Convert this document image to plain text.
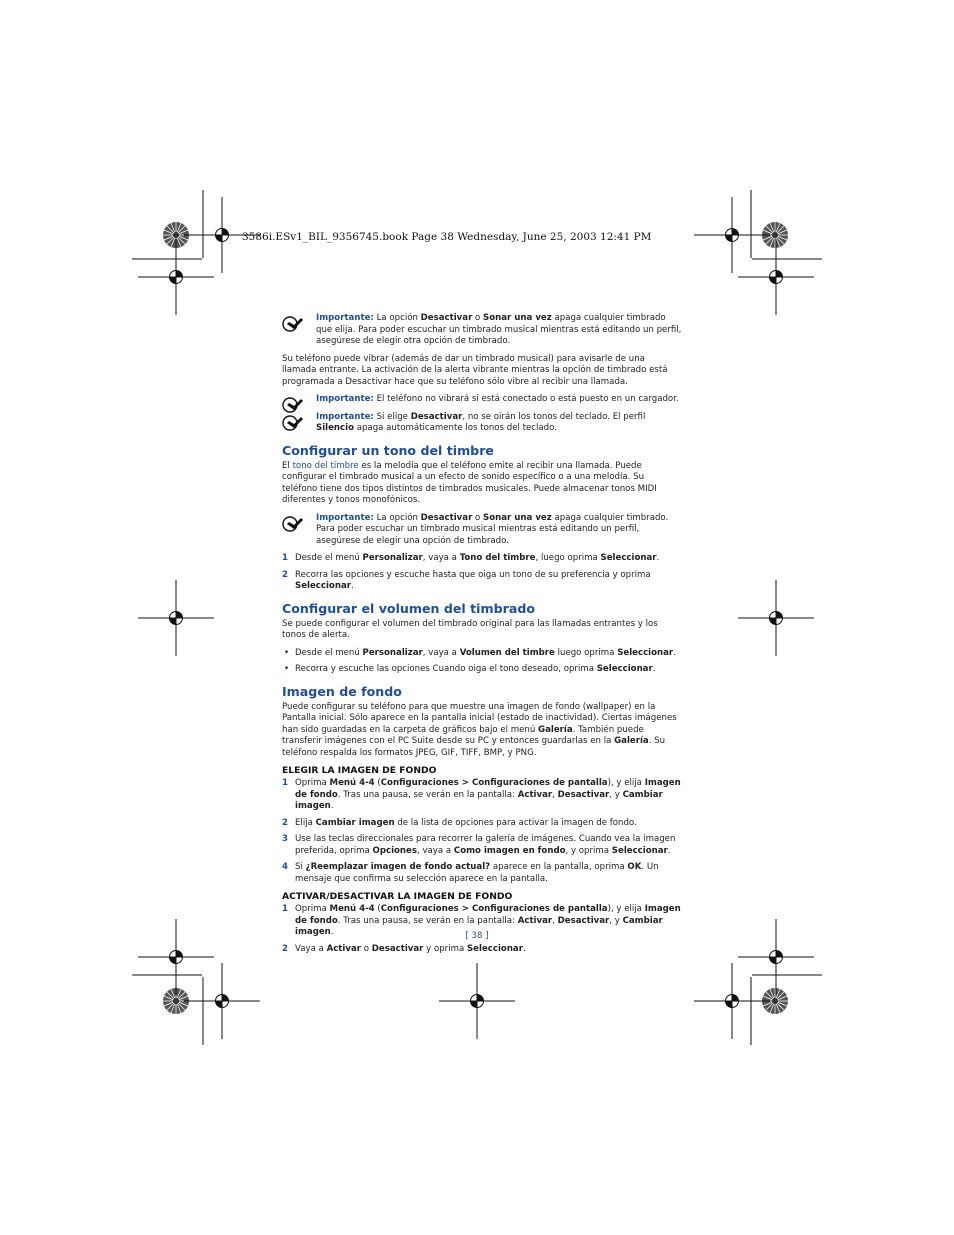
3586i.ESv1_BIL_9356745.book Page 38 Wednesday, June 25, 2003 12:41 PM

Importante: La opción Desactivar o Sonar una vez apaga cualquier timbrado que elija. Para poder escuchar un timbrado musical mientras está editando un perfil, asegúrese de elegir otra opción de timbrado.

Su teléfono puede vibrar (además de dar un timbrado musical) para avisarle de una llamada entrante. La activación de la alerta vibrante mientras la opción de timbrado está programada a Desactivar hace que su teléfono sólo vibre al recibir una llamada.

Importante: El teléfono no vibrará si está conectado o está puesto en un cargador.

Importante: Si elige Desactivar, no se oirán los tonos del teclado. El perfil Silencio apaga automáticamente los tonos del teclado.

Configurar un tono del timbre

El tono del timbre es la melodía que el teléfono emite al recibir una llamada. Puede configurar el timbrado musical a un efecto de sonido específico o a una melodía. Su teléfono tiene dos tipos distintos de timbrados musicales. Puede almacenar tonos MIDI diferentes y tonos monofónicos.

Importante: La opción Desactivar o Sonar una vez apaga cualquier timbrado. Para poder escuchar un timbrado musical mientras está editando un perfil, asegúrese de elegir una opción de timbrado.

1 Desde el menú Personalizar, vaya a Tono del timbre, luego oprima Seleccionar.
2 Recorra las opciones y escuche hasta que oiga un tono de su preferencia y oprima Seleccionar.
Configurar el volumen del timbrado

Se puede configurar el volumen del timbrado original para las llamadas entrantes y los tonos de alerta.

• Desde el menú Personalizar, vaya a Volumen del timbre luego oprima Seleccionar.
• Recorra y escuche las opciones Cuando oiga el tono deseado, oprima Seleccionar.
Imagen de fondo

Puede configurar su teléfono para que muestre una imagen de fondo (wallpaper) en la Pantalla inicial. Sólo aparece en la pantalla inicial (estado de inactividad). Ciertas imágenes han sido guardadas en la carpeta de gráficos bajo el menú Galería. También puede transferir imágenes con el PC Suite desde su PC y entonces guardarlas en la Galería. Su teléfono respalda los formatos JPEG, GIF, TIFF, BMP, y PNG.

ELEGIR LA IMAGEN DE FONDO
1 Oprima Menú 4-4 (Configuraciones > Configuraciones de pantalla), y elija Imagen de fondo. Tras una pausa, se verán en la pantalla: Activar, Desactivar, y Cambiar imagen.
2 Elija Cambiar imagen de la lista de opciones para activar la imagen de fondo.
3 Use las teclas direccionales para recorrer la galería de imágenes. Cuando vea la imagen preferida, oprima Opciones, vaya a Como imagen en fondo, y oprima Seleccionar.
4 Si ¿Reemplazar imagen de fondo actual? aparece en la pantalla, oprima OK. Un mensaje que confirma su selección aparece en la pantalla.
ACTIVAR/DESACTIVAR LA IMAGEN DE FONDO
1 Oprima Menú 4-4 (Configuraciones > Configuraciones de pantalla), y elija Imagen de fondo. Tras una pausa, se verán en la pantalla: Activar, Desactivar, y Cambiar imagen.
2 Vaya a Activar o Desactivar y oprima Seleccionar.
[ 38 ]
